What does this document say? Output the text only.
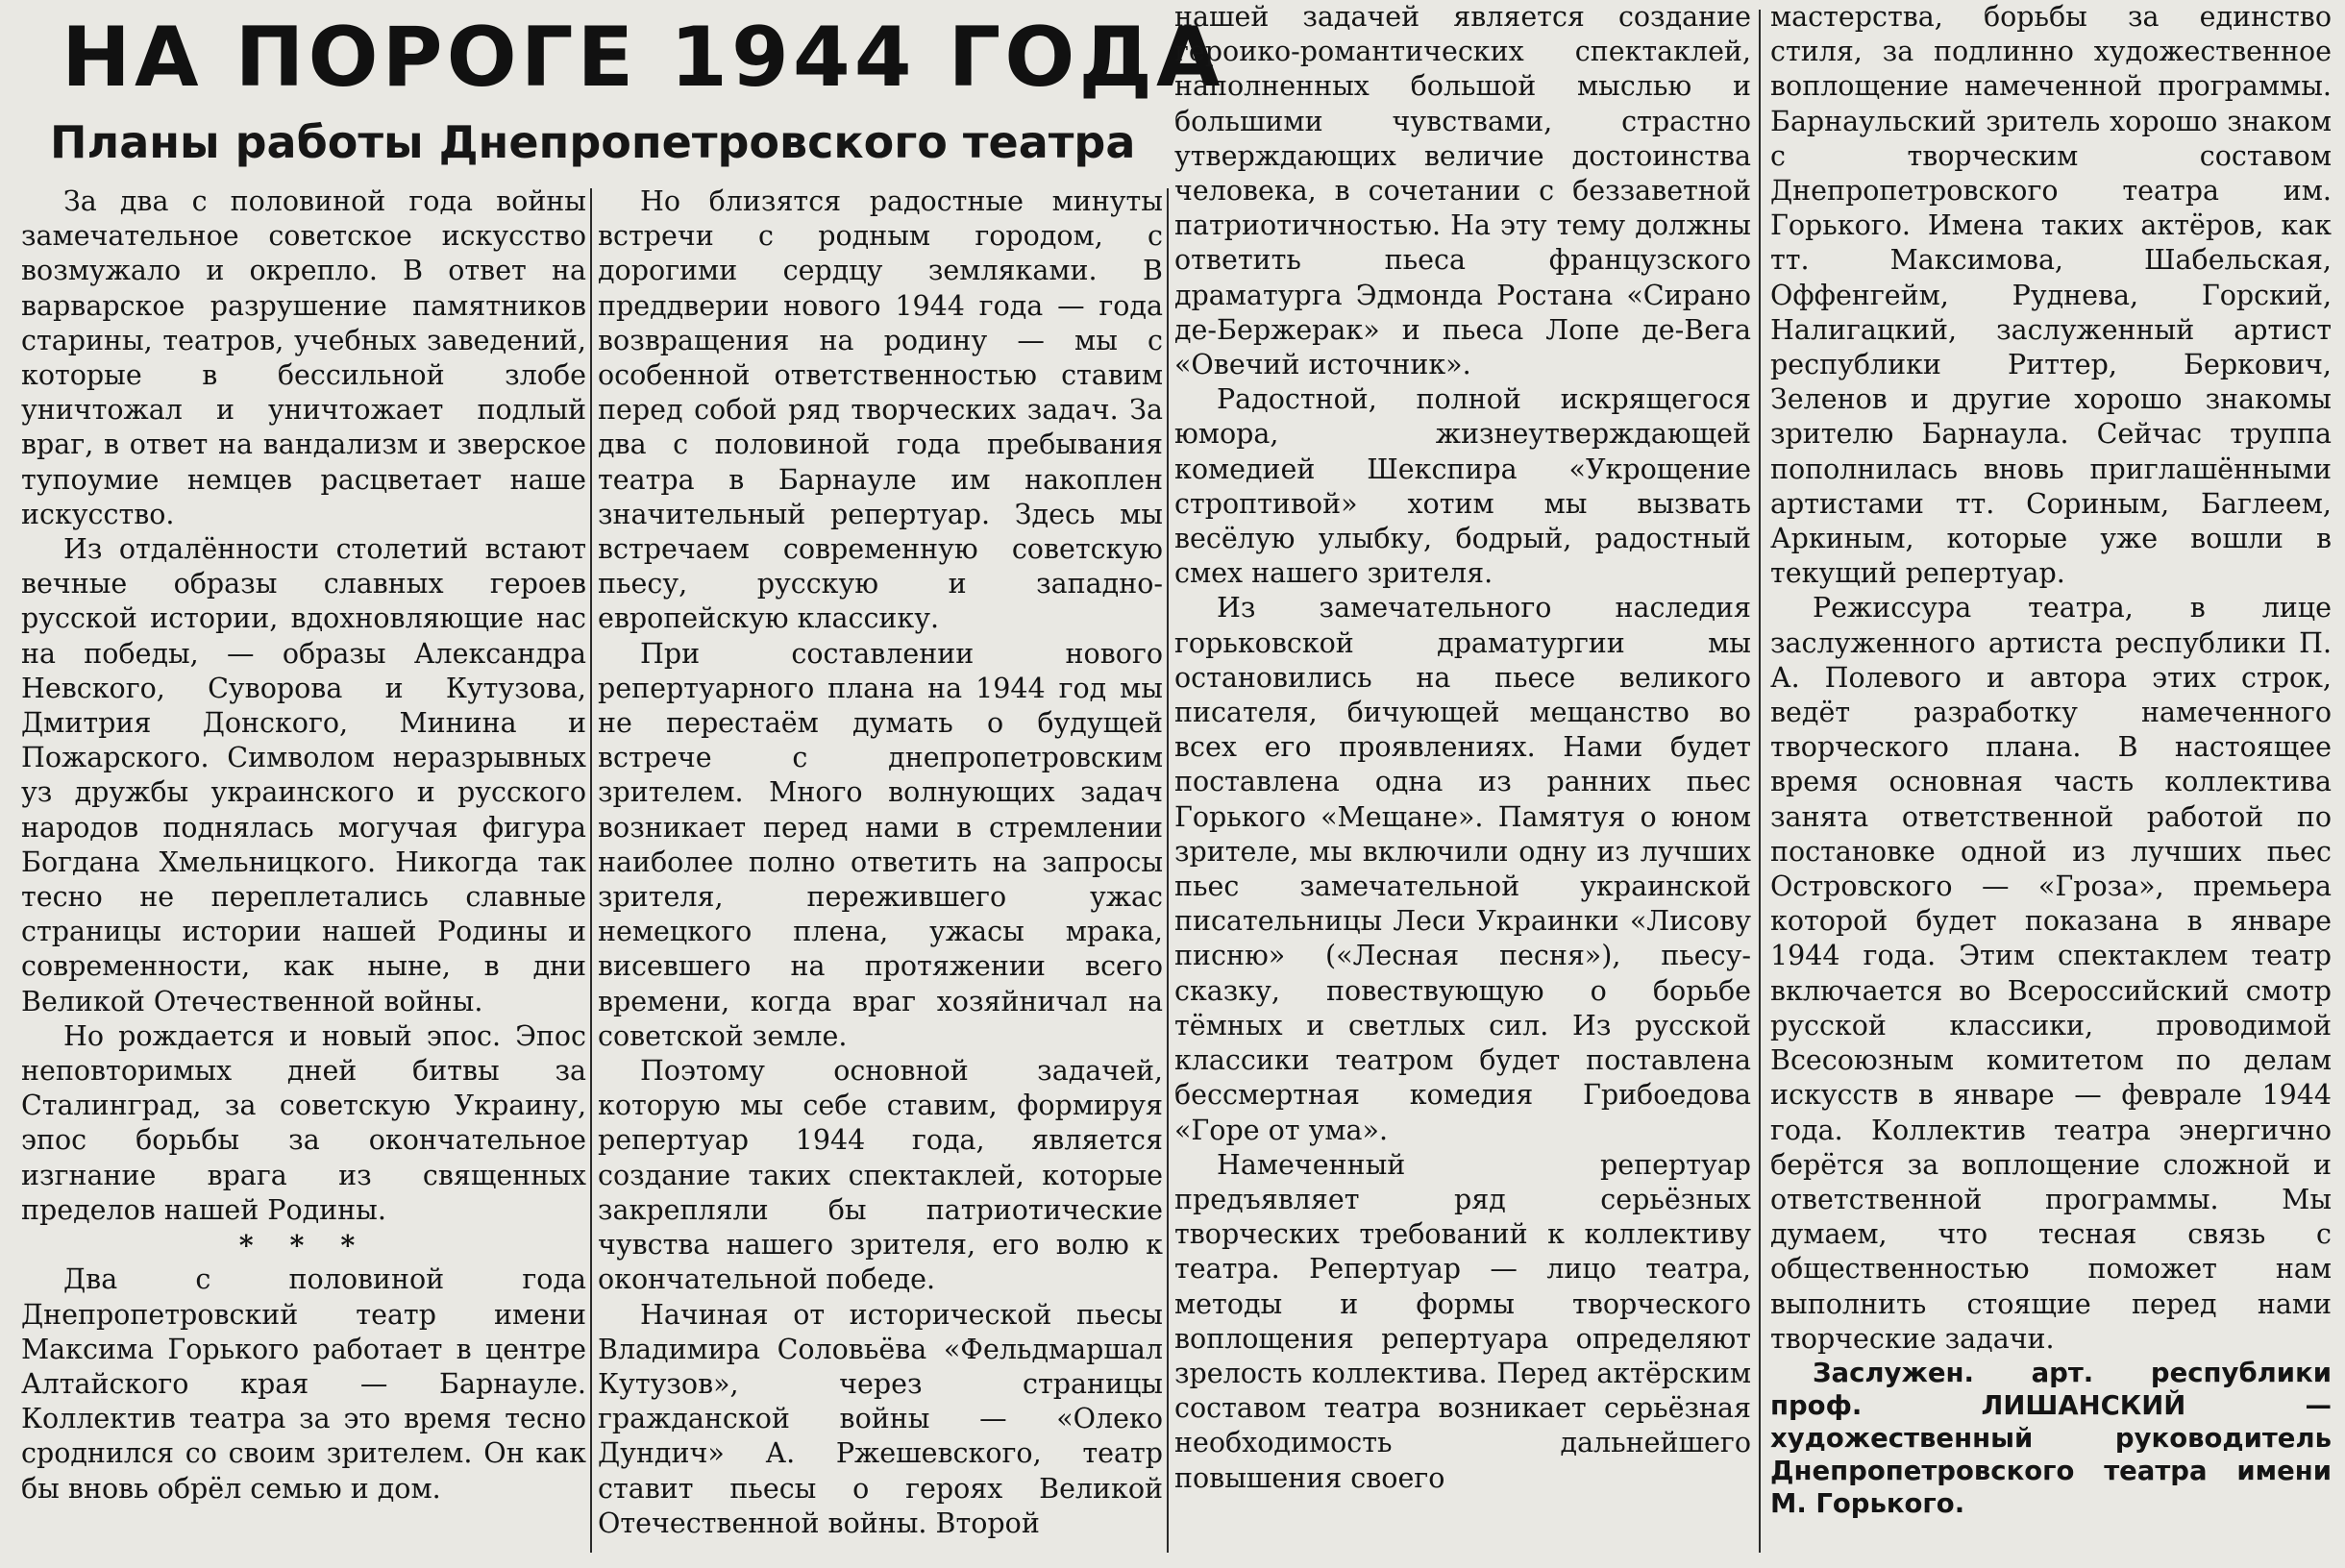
НА ПОРОГЕ 1944 ГОДА
Планы работы Днепропетровского театра

За два с половиной года войны замечательное советское искусство возмужало и окрепло. В ответ на варварское разрушение памятников старины, театров, учебных заведений, которые в бессильной злобе уничтожал и уничтожает подлый враг, в ответ на вандализм и зверское тупоумие немцев расцветает наше искусство.

Из отдалённости столетий встают вечные образы славных героев русской истории, вдохновляющие нас на победы, — образы Александра Невского, Суворова и Кутузова, Дмитрия Донского, Минина и Пожарского. Символом неразрывных уз дружбы украинского и русского народов поднялась могучая фигура Богдана Хмельницкого. Никогда так тесно не переплетались славные страницы истории нашей Родины и современности, как ныне, в дни Великой Отечественной войны.

Но рождается и новый эпос. Эпос неповторимых дней битвы за Сталинград, за советскую Украину, эпос борьбы за окончательное изгнание врага из священных пределов нашей Родины.

* * *

Два с половиной года Днепропетровский театр имени Максима Горького работает в центре Алтайского края — Барнауле. Коллектив театра за это время тесно сроднился со своим зрителем. Он как бы вновь обрёл семью и дом.

Но близятся радостные минуты встречи с родным городом, с дорогими сердцу земляками. В преддверии нового 1944 года — года возвращения на родину — мы с особенной ответственностью ставим перед собой ряд творческих задач. За два с половиной года пребывания театра в Барнауле им накоплен значительный репертуар. Здесь мы встречаем современную советскую пьесу, русскую и западно-европейскую классику.

При составлении нового репертуарного плана на 1944 год мы не перестаём думать о будущей встрече с днепропетровским зрителем. Много волнующих задач возникает перед нами в стремлении наиболее полно ответить на запросы зрителя, пережившего ужас немецкого плена, ужасы мрака, висевшего на протяжении всего времени, когда враг хозяйничал на советской земле.

Поэтому основной задачей, которую мы себе ставим, формируя репертуар 1944 года, является создание таких спектаклей, которые закрепляли бы патриотические чувства нашего зрителя, его волю к окончательной победе.

Начиная от исторической пьесы Владимира Соловьёва «Фельдмаршал Кутузов», через страницы гражданской войны — «Олеко Дундич» А. Ржешевского, театр ставит пьесы о героях Великой Отечественной войны. Второй

нашей задачей является создание героико-романтических спектаклей, наполненных большой мыслью и большими чувствами, страстно утверждающих величие достоинства человека, в сочетании с беззаветной патриотичностью. На эту тему должны ответить пьеса французского драматурга Эдмонда Ростана «Сирано де-Бержерак» и пьеса Лопе де-Вега «Овечий источник».

Радостной, полной искрящегося юмора, жизнеутверждающей комедией Шекспира «Укрощение строптивой» хотим мы вызвать весёлую улыбку, бодрый, радостный смех нашего зрителя.

Из замечательного наследия горьковской драматургии мы остановились на пьесе великого писателя, бичующей мещанство во всех его проявлениях. Нами будет поставлена одна из ранних пьес Горького «Мещане». Памятуя о юном зрителе, мы включили одну из лучших пьес замечательной украинской писательницы Леси Украинки «Лисову писню» («Лесная песня»), пьесу-сказку, повествующую о борьбе тёмных и светлых сил. Из русской классики театром будет поставлена бессмертная комедия Грибоедова «Горе от ума».

Намеченный репертуар предъявляет ряд серьёзных творческих требований к коллективу театра. Репертуар — лицо театра, методы и формы творческого воплощения репертуара определяют зрелость коллектива. Перед актёрским составом театра возникает серьёзная необходимость дальнейшего повышения своего

мастерства, борьбы за единство стиля, за подлинно художественное воплощение намеченной программы. Барнаульский зритель хорошо знаком с творческим составом Днепропетровского театра им. Горького. Имена таких актёров, как тт. Максимова, Шабельская, Оффенгейм, Руднева, Горский, Налигацкий, заслуженный артист республики Риттер, Беркович, Зеленов и другие хорошо знакомы зрителю Барнаула. Сейчас труппа пополнилась вновь приглашёнными артистами тт. Сориным, Баглеем, Аркиным, которые уже вошли в текущий репертуар.

Режиссура театра, в лице заслуженного артиста республики П. А. Полевого и автора этих строк, ведёт разработку намеченного творческого плана. В настоящее время основная часть коллектива занята ответственной работой по постановке одной из лучших пьес Островского — «Гроза», премьера которой будет показана в январе 1944 года. Этим спектаклем театр включается во Всероссийский смотр русской классики, проводимой Всесоюзным комитетом по делам искусств в январе — феврале 1944 года. Коллектив театра энергично берётся за воплощение сложной и ответственной программы. Мы думаем, что тесная связь с общественностью поможет нам выполнить стоящие перед нами творческие задачи.

Заслужен. арт. республики проф. ЛИШАНСКИЙ — художественный руководитель Днепропетровского театра имени М. Горького.
